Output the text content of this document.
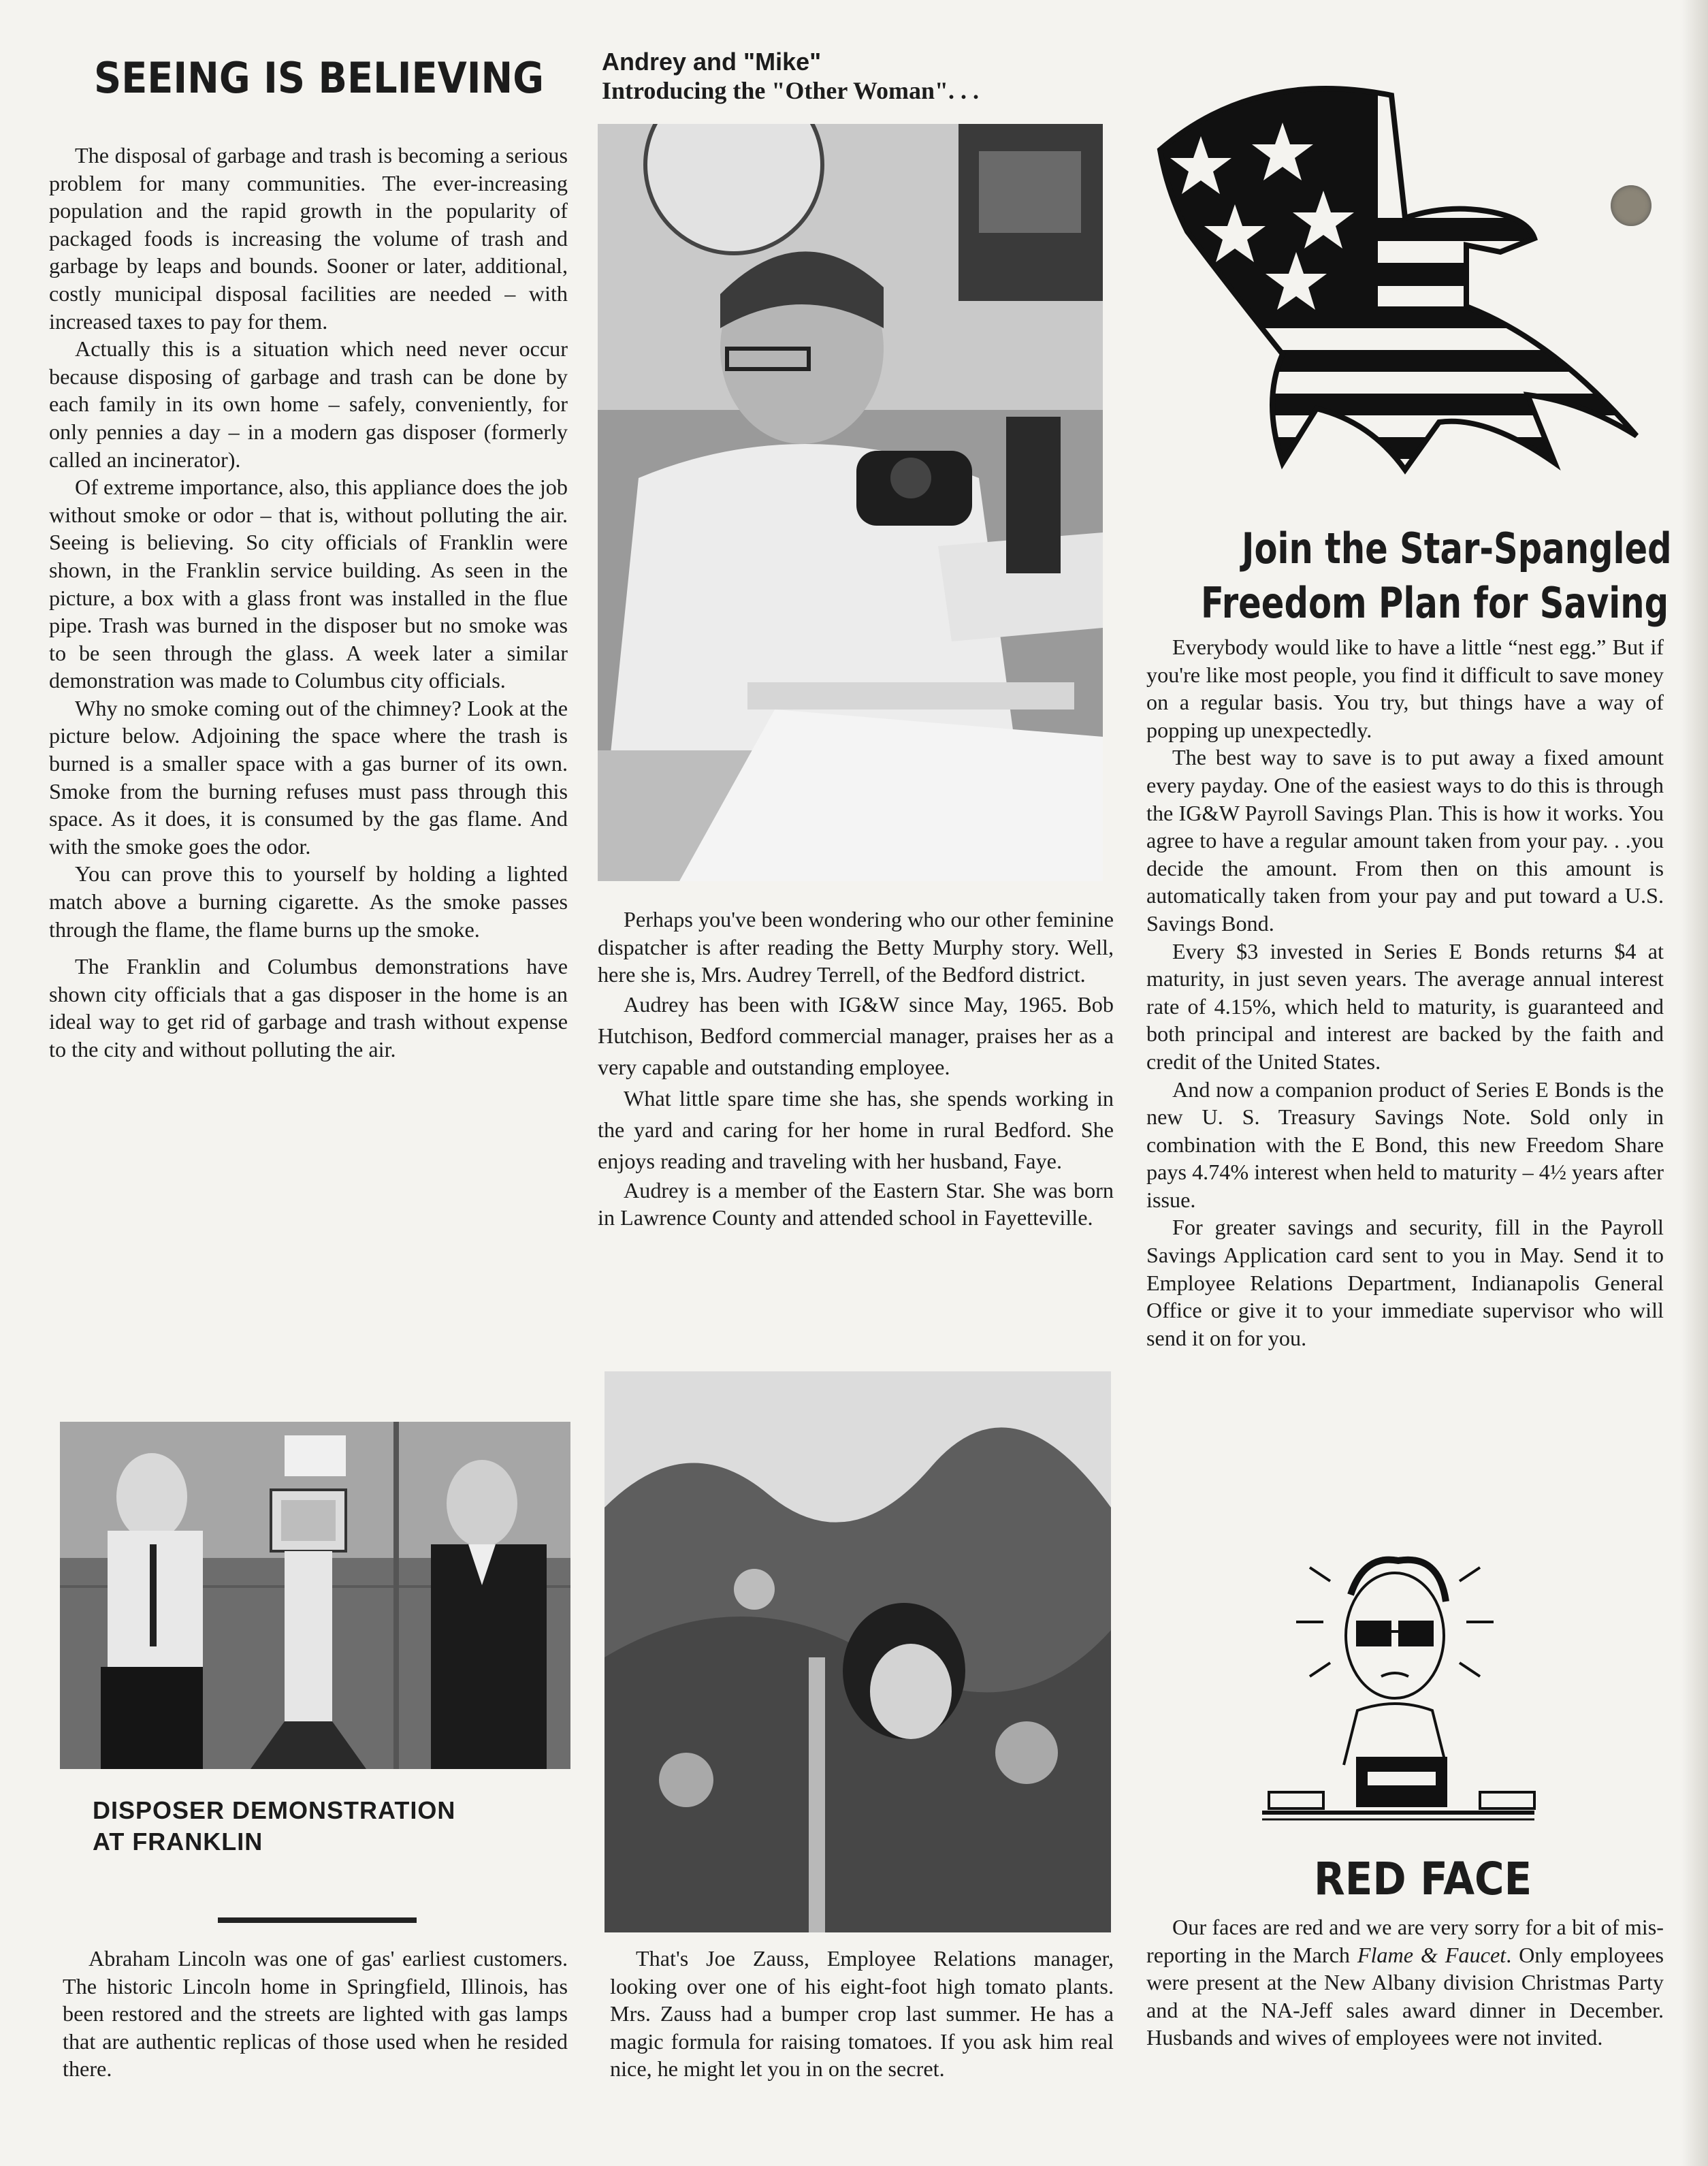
SEEING IS BELIEVING

The disposal of garbage and trash is becoming a serious problem for many communities. The ever-increasing population and the rapid growth in the popularity of packaged foods is increasing the volume of trash and garbage by leaps and bounds. Sooner or later, additional, costly municipal disposal facilities are needed – with increased taxes to pay for them.

Actually this is a situation which need never occur because disposing of garbage and trash can be done by each family in its own home – safely, conveniently, for only pennies a day – in a modern gas disposer (formerly called an incinerator).

Of extreme importance, also, this appliance does the job without smoke or odor – that is, without polluting the air. Seeing is believing. So city officials of Franklin were shown, in the Franklin service building. As seen in the picture, a box with a glass front was installed in the flue pipe. Trash was burned in the disposer but no smoke was to be seen through the glass. A week later a similar demonstration was made to Columbus city officials.

Why no smoke coming out of the chimney? Look at the picture below. Adjoining the space where the trash is burned is a smaller space with a gas burner of its own. Smoke from the burning refuses must pass through this space. As it does, it is consumed by the gas flame. And with the smoke goes the odor.

You can prove this to yourself by holding a lighted match above a burning cigarette. As the smoke passes through the flame, the flame burns up the smoke.

The Franklin and Columbus demonstrations have shown city officials that a gas disposer in the home is an ideal way to get rid of garbage and trash without expense to the city and without polluting the air.

DISPOSER DEMONSTRATION

AT FRANKLIN

Abraham Lincoln was one of gas' earliest customers. The historic Lincoln home in Springfield, Illinois, has been restored and the streets are lighted with gas lamps that are authentic replicas of those used when he resided there.

Andrey and "Mike"

Introducing the "Other Woman". . .

Perhaps you've been wondering who our other feminine dispatcher is after reading the Betty Murphy story. Well, here she is, Mrs. Audrey Terrell, of the Bedford district.

Audrey has been with IG&W since May, 1965. Bob Hutchison, Bedford commercial manager, praises her as a very capable and outstanding employee.

What little spare time she has, she spends working in the yard and caring for her home in rural Bedford. She enjoys reading and traveling with her husband, Faye.

Audrey is a member of the Eastern Star. She was born in Lawrence County and attended school in Fayetteville.

That's Joe Zauss, Employee Relations manager, looking over one of his eight-foot high tomato plants. Mrs. Zauss had a bumper crop last summer. He has a magic formula for raising tomatoes. If you ask him real nice, he might let you in on the secret.

Join the Star-Spangled

Freedom Plan for Saving

Everybody would like to have a little “nest egg.” But if you're like most people, you find it difficult to save money on a regular basis. You try, but things have a way of popping up unexpectedly.

The best way to save is to put away a fixed amount every payday. One of the easiest ways to do this is through the IG&W Payroll Savings Plan. This is how it works. You agree to have a regular amount taken from your pay. . .you decide the amount. From then on this amount is automatically taken from your pay and put toward a U.S. Savings Bond.

Every $3 invested in Series E Bonds returns $4 at maturity, in just seven years. The average annual interest rate of 4.15%, which held to maturity, is guaranteed and both principal and interest are backed by the faith and credit of the United States.

And now a companion product of Series E Bonds is the new U. S. Treasury Savings Note. Sold only in combination with the E Bond, this new Freedom Share pays 4.74% interest when held to maturity – 4½ years after issue.

For greater savings and security, fill in the Payroll Savings Application card sent to you in May. Send it to Employee Relations Department, Indianapolis General Office or give it to your immediate supervisor who will send it on for you.

RED FACE

Our faces are red and we are very sorry for a bit of mis-reporting in the March Flame & Faucet. Only employees were present at the New Albany division Christmas Party and at the NA-Jeff sales award dinner in December. Husbands and wives of employees were not invited.
